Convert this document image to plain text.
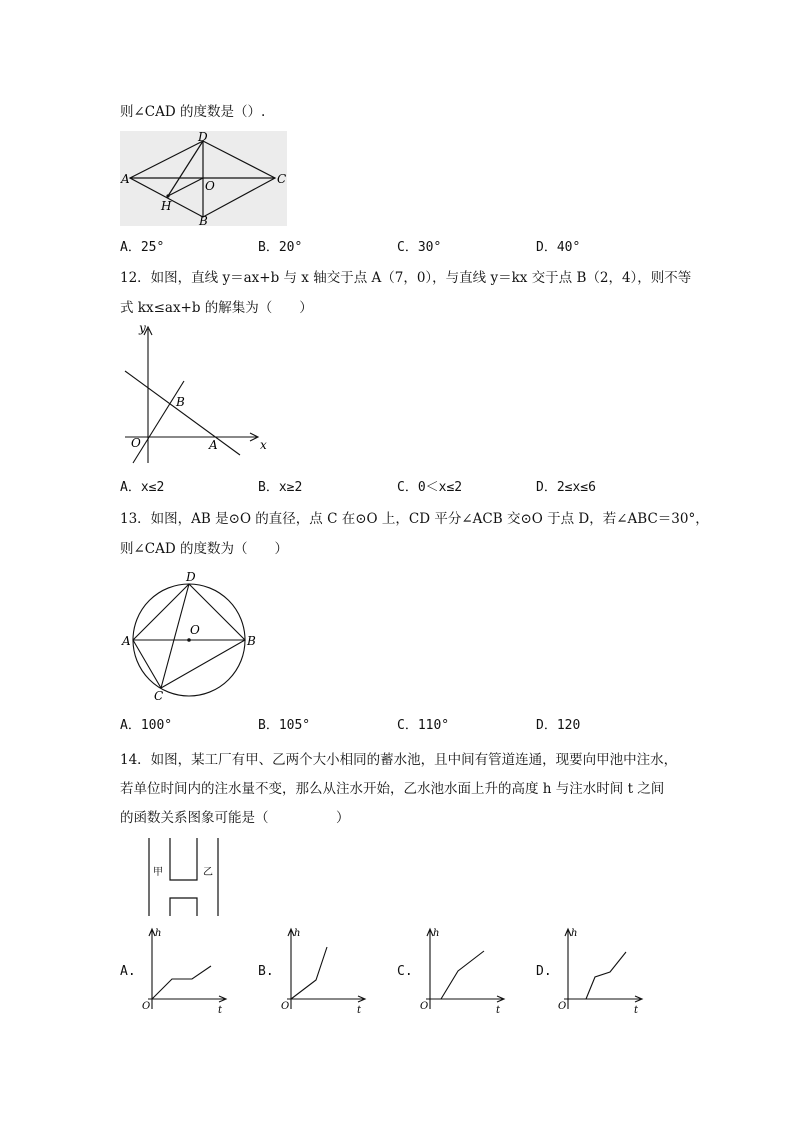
则∠CAD 的度数是（）.
A
D
C
B
O
H
A．25°	B．20°	C．30°	D．40°
12．如图，直线 y＝ax+b 与 x 轴交于点 A（7，0），与直线 y＝kx 交于点 B（2，4），则不等
式 kx≤ax+b 的解集为（　　）
y
x
O	A
B
A．x≤2	B．x≥2	C．0＜x≤2	D．2≤x≤6
13．如图，AB 是⊙O 的直径，点 C 在⊙O 上，CD 平分∠ACB 交⊙O 于点 D，若∠ABC＝30°，
则∠CAD 的度数为（　　）
A
D
B
C
O
A．100°	B．105°	C．110°	D．120
14．如图，某工厂有甲、乙两个大小相同的蓄水池，且中间有管道连通，现要向甲池中注水，
若单位时间内的注水量不变，那么从注水开始，乙水池水面上升的高度 h 与注水时间 t 之间
的函数关系图象可能是（　　　　　）
甲	乙
A.
h
O	t
B.
h
O	t
C.
h
O	t
D.
h
O	t
